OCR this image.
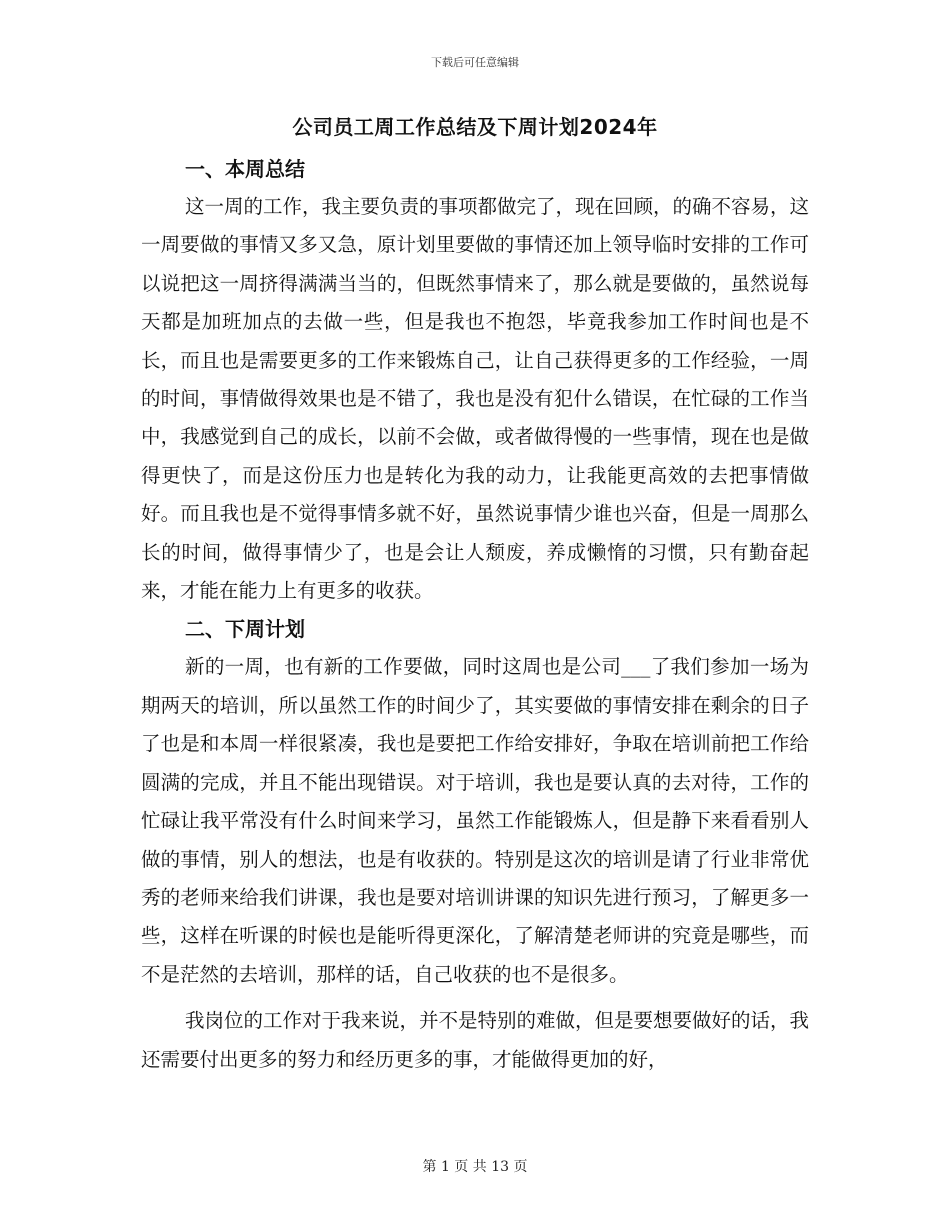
下载后可任意编辑
公司员工周工作总结及下周计划2024年
一、本周总结

这一周的工作，我主要负责的事项都做完了，现在回顾，的确不容易，这一周要做的事情又多又急，原计划里要做的事情还加上领导临时安排的工作可以说把这一周挤得满满当当的，但既然事情来了，那么就是要做的，虽然说每天都是加班加点的去做一些，但是我也不抱怨，毕竟我参加工作时间也是不长，而且也是需要更多的工作来锻炼自己，让自己获得更多的工作经验，一周的时间，事情做得效果也是不错了，我也是没有犯什么错误，在忙碌的工作当中，我感觉到自己的成长，以前不会做，或者做得慢的一些事情，现在也是做得更快了，而是这份压力也是转化为我的动力，让我能更高效的去把事情做好。而且我也是不觉得事情多就不好，虽然说事情少谁也兴奋，但是一周那么长的时间，做得事情少了，也是会让人颓废，养成懒惰的习惯，只有勤奋起来，才能在能力上有更多的收获。

二、下周计划

新的一周，也有新的工作要做，同时这周也是公司___了我们参加一场为期两天的培训，所以虽然工作的时间少了，其实要做的事情安排在剩余的日子了也是和本周一样很紧凑，我也是要把工作给安排好，争取在培训前把工作给圆满的完成，并且不能出现错误。对于培训，我也是要认真的去对待，工作的忙碌让我平常没有什么时间来学习，虽然工作能锻炼人，但是静下来看看别人做的事情，别人的想法，也是有收获的。特别是这次的培训是请了行业非常优秀的老师来给我们讲课，我也是要对培训讲课的知识先进行预习，了解更多一些，这样在听课的时候也是能听得更深化，了解清楚老师讲的究竟是哪些，而不是茫然的去培训，那样的话，自己收获的也不是很多。

我岗位的工作对于我来说，并不是特别的难做，但是要想要做好的话，我还需要付出更多的努力和经历更多的事，才能做得更加的好，

第 1 页 共 13 页
